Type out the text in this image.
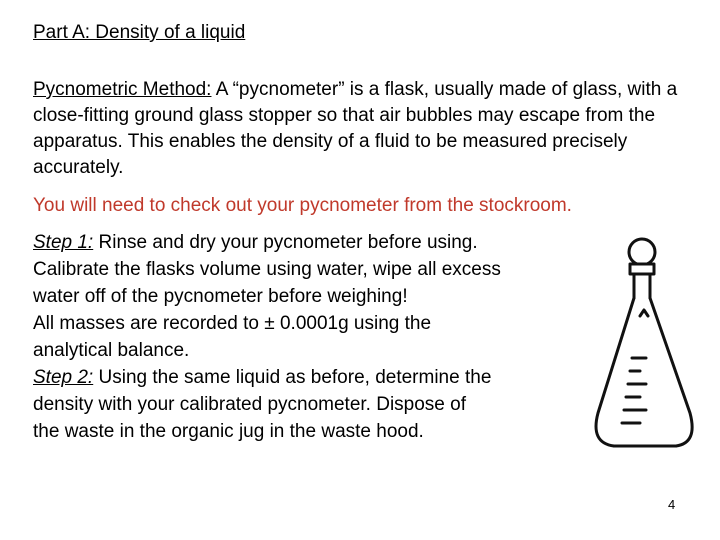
Part A: Density of a liquid
Pycnometric Method: A “pycnometer” is a flask, usually made of glass, with a close-fitting ground glass stopper so that air bubbles may escape from the apparatus. This enables the density of a fluid to be measured precisely accurately.
You will need to check out your pycnometer from the stockroom.
Step 1: Rinse and dry your pycnometer before using.
Calibrate the flasks volume using water, wipe all excess
water off of the pycnometer before weighing!
All masses are recorded to ± 0.0001g using the
analytical balance.
Step 2: Using the same liquid as before, determine the
density with your calibrated pycnometer. Dispose of
the waste in the organic jug in the waste hood.
4
